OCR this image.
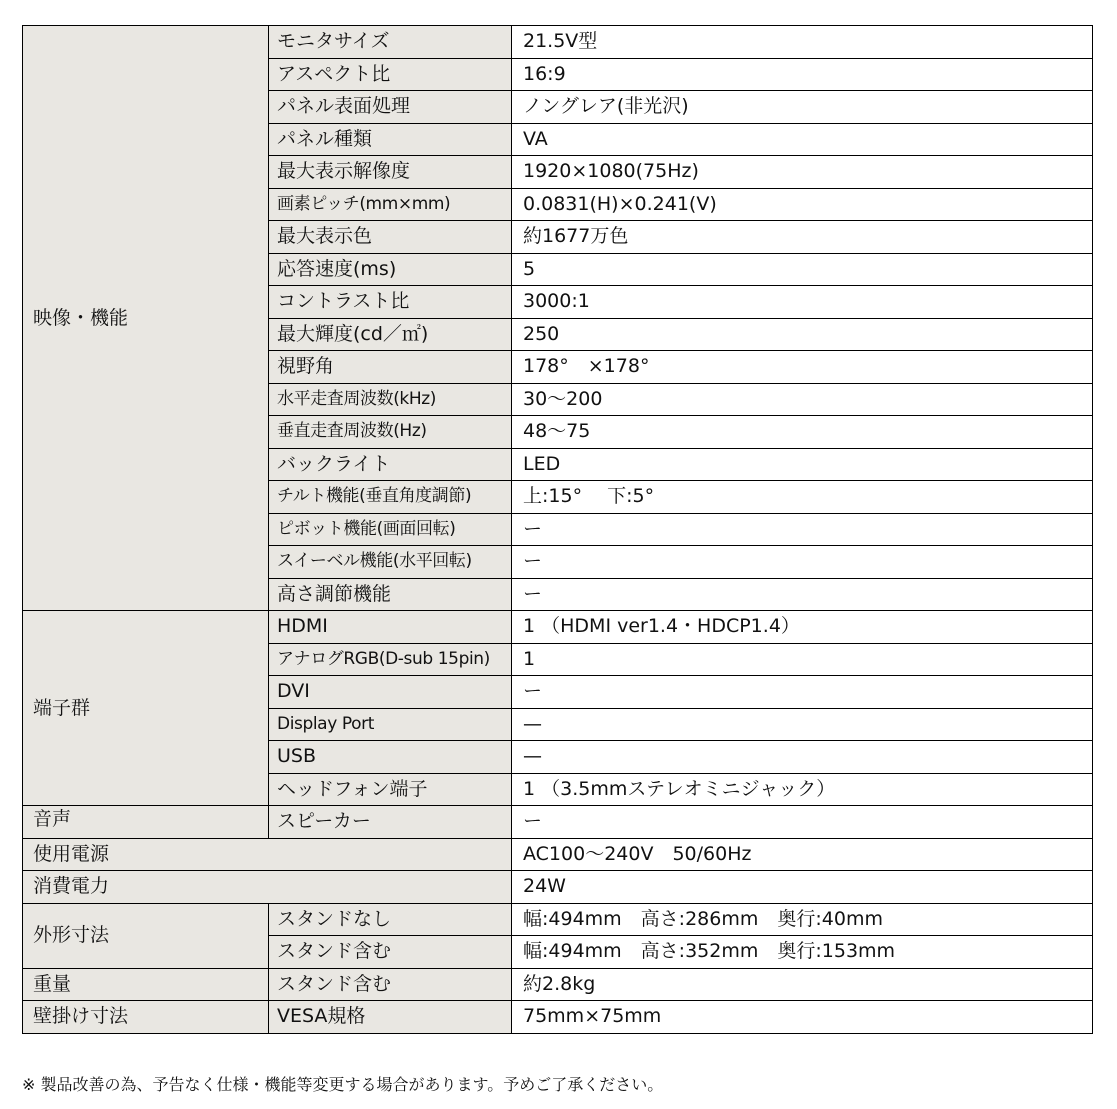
映像・機能	モニタサイズ	21.5V型
	アスペクト比	16:9
	パネル表面処理	ノングレア(非光沢)
	パネル種類	VA
	最大表示解像度	1920×1080(75Hz)
	画素ピッチ(mm×mm)	0.0831(H)×0.241(V)
	最大表示色	約1677万色
	応答速度(ms)	5
	コントラスト比	3000:1
	最大輝度(cd／㎡)	250
	視野角	178°　×178°
	水平走査周波数(kHz)	30～200
	垂直走査周波数(Hz)	48～75
	バックライト	LED
	チルト機能(垂直角度調節)	上:15°　 下:5°
	ピボット機能(画面回転)	ー
	スイーベル機能(水平回転)	ー
	高さ調節機能	ー
端子群	HDMI	1 （HDMI ver1.4・HDCP1.4）
	アナログRGB(D-sub 15pin)	1
	DVI	ー
	Display Port	—
	USB	—
	ヘッドフォン端子	1 （3.5mmステレオミニジャック）
音声	スピーカー	ー
使用電源		AC100～240V　50/60Hz
消費電力		24W
外形寸法	スタンドなし	幅:494mm　高さ:286mm　奥行:40mm
	スタンド含む	幅:494mm　高さ:352mm　奥行:153mm
重量	スタンド含む	約2.8kg
壁掛け寸法	VESA規格	75mm×75mm
※ 製品改善の為、予告なく仕様・機能等変更する場合があります。予めご了承ください。
